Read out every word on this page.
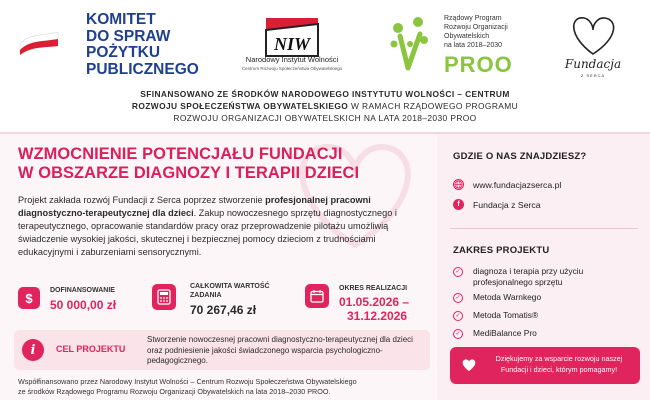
KOMITET
DO SPRAW
POŻYTKU
PUBLICZNEGO
NIW
Narodowy Instytut Wolności
Centrum Rozwoju Społeczeństwa Obywatelskiego
Rządowy Program
Rozwoju Organizacji
Obywatelskich
na lata 2018–2030
PROO	Fundacja
Z SERCA
SFINANSOWANO ZE ŚRODKÓW NARODOWEGO INSTYTUTU WOLNOŚCI – CENTRUM
ROZWOJU SPOŁECZEŃSTWA OBYWATELSKIEGO W RAMACH RZĄDOWEGO PROGRAMU
ROZWOJU ORGANIZACJI OBYWATELSKICH NA LATA 2018–2030 PROO
WZMOCNIENIE POTENCJAŁU FUNDACJI
W OBSZARZE DIAGNOZY I TERAPII DZIECI
Projekt zakłada rozwój Fundacji z Serca poprzez stworzenie profesjonalnej pracowni diagnostyczno-terapeutycznej dla dzieci. Zakup nowoczesnego sprzętu diagnostycznego i terapeutycznego, opracowanie standardów pracy oraz przeprowadzenie pilotażu umożliwią świadczenie wysokiej jakości, skutecznej i bezpiecznej pomocy dzieciom z trudnościami edukacyjnymi i zaburzeniami sensorycznymi.
$	DOFINANSOWANIE
50 000,00 zł
CAŁKOWITA WARTOŚĆ
ZADANIA
70 267,46 zł
OKRES REALIZACJI
01.05.2026 –
31.12.2026
i	CEL PROJEKTU
Stworzenie nowoczesnej pracowni diagnostyczno-terapeutycznej dla dzieci oraz podniesienie jakości świadczonego wsparcia psychologiczno-pedagogicznego.
Współfinansowano przez Narodowy Instytut Wolności – Centrum Rozwoju Społeczeństwa Obywatelskiego
ze środków Rządowego Programu Rozwoju Organizacji Obywatelskich na lata 2018–2030 PROO.
GDZIE O NAS ZNAJDZIESZ?
www.fundacjazserca.pl
f	Fundacja z Serca
ZAKRES PROJEKTU
✓ diagnoza i terapia przy użyciu profesjonalnego sprzętu
✓ Metoda Warnkego
✓ Metoda Tomatis®
✓ MediBalance Pro
Dziękujemy za wsparcie rozwoju naszej Fundacji i dzieci, którym pomagamy!
